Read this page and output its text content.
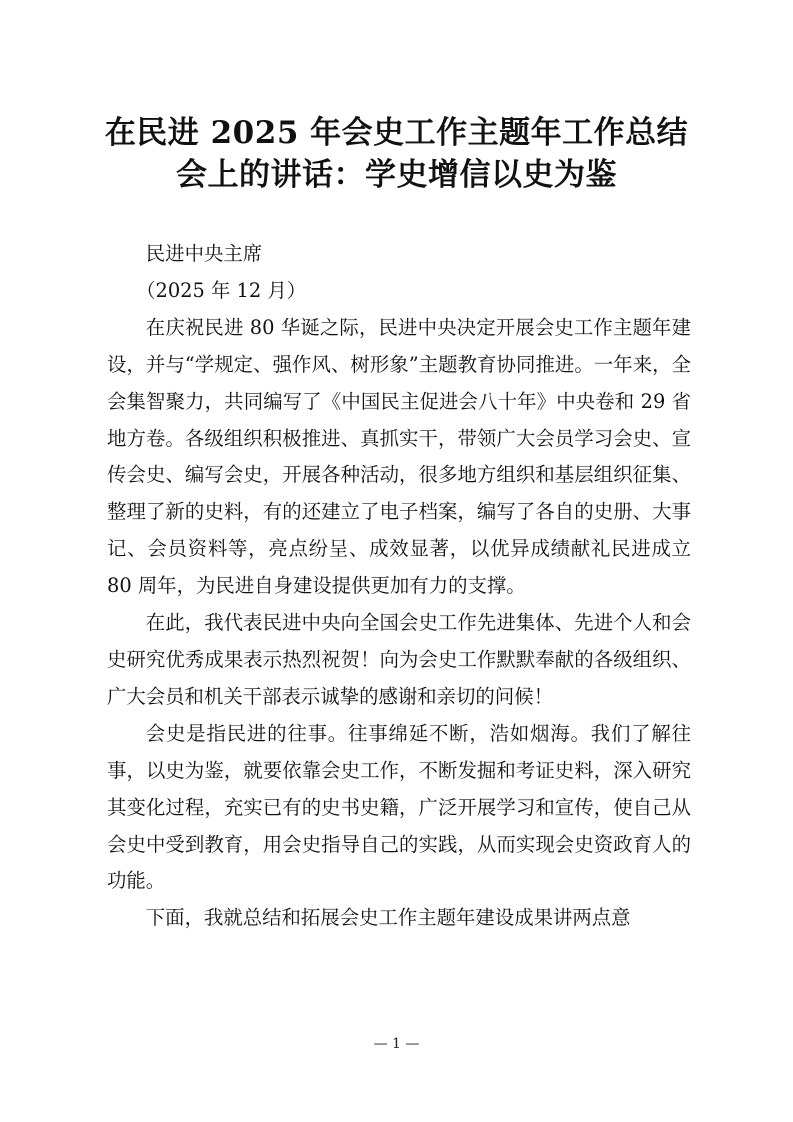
在民进 2025 年会史工作主题年工作总结
会上的讲话：学史增信以史为鉴

民进中央主席

（2025 年 12 月）

在庆祝民进 80 华诞之际，民进中央决定开展会史工作主题年建设，并与“学规定、强作风、树形象”主题教育协同推进。一年来，全会集智聚力，共同编写了《中国民主促进会八十年》中央卷和 29 省地方卷。各级组织积极推进、真抓实干，带领广大会员学习会史、宣传会史、编写会史，开展各种活动，很多地方组织和基层组织征集、整理了新的史料，有的还建立了电子档案，编写了各自的史册、大事记、会员资料等，亮点纷呈、成效显著，以优异成绩献礼民进成立 80 周年，为民进自身建设提供更加有力的支撑。

在此，我代表民进中央向全国会史工作先进集体、先进个人和会史研究优秀成果表示热烈祝贺！向为会史工作默默奉献的各级组织、广大会员和机关干部表示诚挚的感谢和亲切的问候！

会史是指民进的往事。往事绵延不断，浩如烟海。我们了解往事，以史为鉴，就要依靠会史工作，不断发掘和考证史料，深入研究其变化过程，充实已有的史书史籍，广泛开展学习和宣传，使自己从会史中受到教育，用会史指导自己的实践，从而实现会史资政育人的功能。

下面，我就总结和拓展会史工作主题年建设成果讲两点意

— 1 —
